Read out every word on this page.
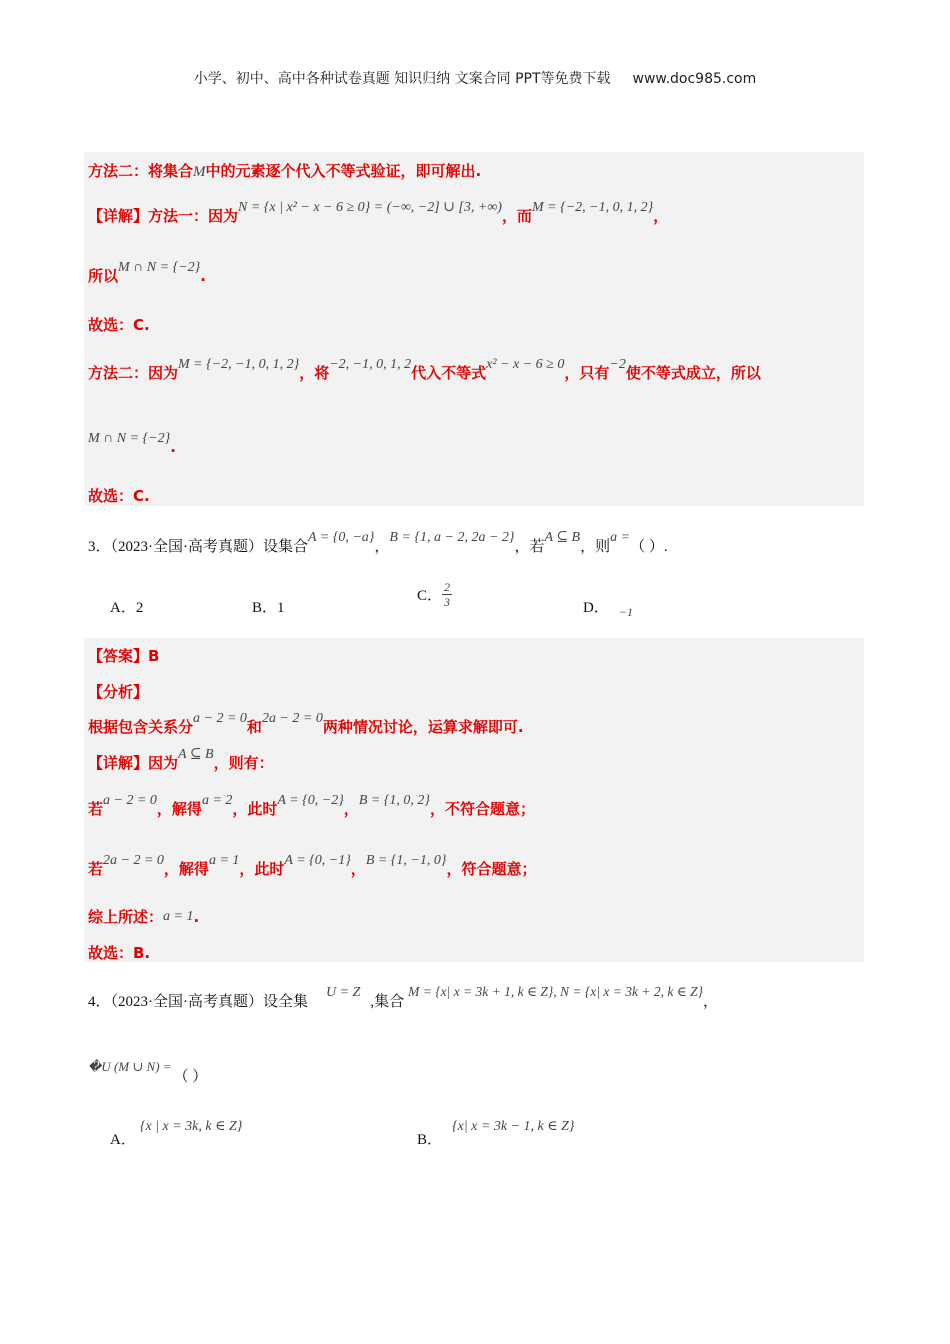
小学、初中、高中各种试卷真题 知识归纳 文案合同 PPT等免费下载 www.doc985.com
方法二：将集合M中的元素逐个代入不等式验证，即可解出.
【详解】方法一：因为N = {x | x² − x − 6 ≥ 0} = (−∞, −2] ∪ [3, +∞)，而M = {−2, −1, 0, 1, 2}，
所以M ∩ N = {−2}.
故选：C.
方法二：因为M = {−2, −1, 0, 1, 2}，将−2, −1, 0, 1, 2代入不等式x² − x − 6 ≥ 0，只有−2使不等式成立，所以
M ∩ N = {−2}.
故选：C.
3．（2023·全国·高考真题）设集合A = {0, −a}，B = {1, a − 2, 2a − 2}，若A ⊆ B，则a =（ ）.
A．2	B．1
C． $\frac{2}{3}$	D． $_{-1}$
【答案】B
【分析】
根据包含关系分a − 2 = 0和2a − 2 = 0两种情况讨论，运算求解即可.
【详解】因为A ⊆ B，则有：
若a − 2 = 0，解得a = 2，此时A = {0, −2}，B = {1, 0, 2}，不符合题意；
若2a − 2 = 0，解得a = 1，此时A = {0, −1}，B = {1, −1, 0}，符合题意；
综上所述：a = 1.
故选：B.
4．（2023·全国·高考真题）设全集U = Z,集合M = {x| x = 3k + 1, k ∈ Z}, N = {x| x = 3k + 2, k ∈ Z}，
�U (M ∪ N) =（ ）
A．{x | x = 3k, k ∈ Z}
B．{x| x = 3k − 1, k ∈ Z}
